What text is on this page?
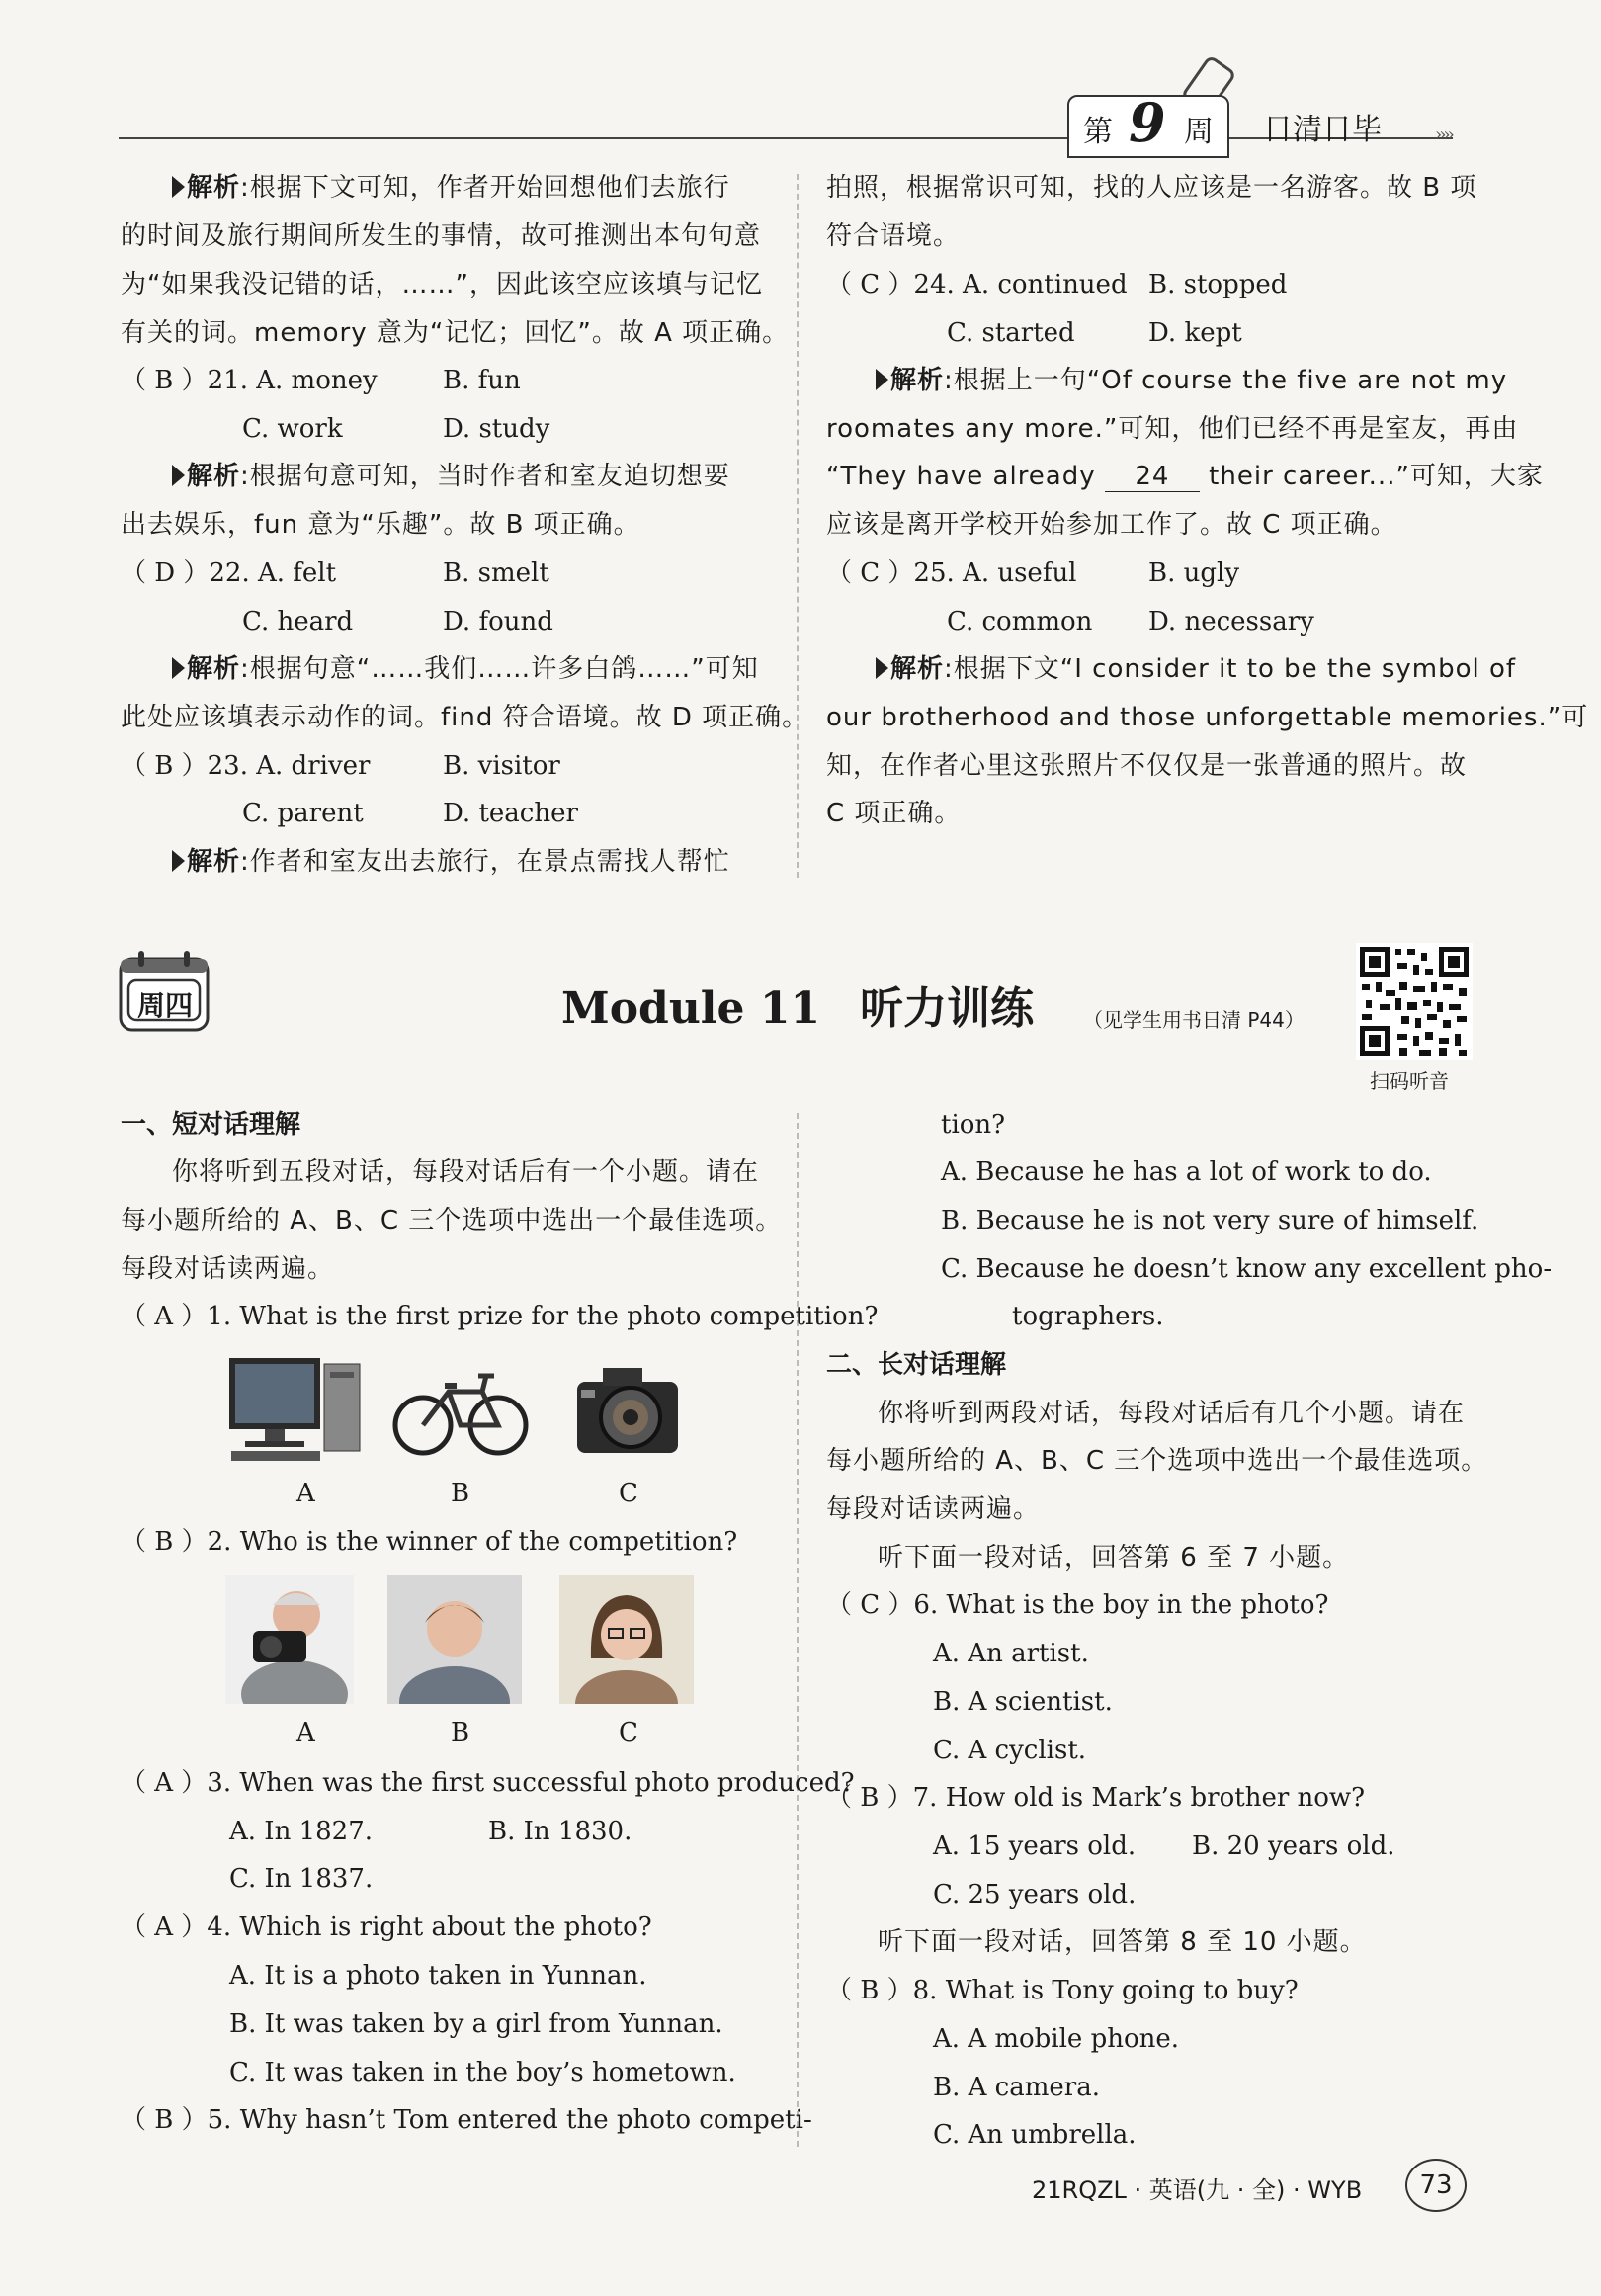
第 9 周 日清日毕	››››
解析:根据下文可知，作者开始回想他们去旅行
的时间及旅行期间所发生的事情，故可推测出本句句意
为“如果我没记错的话，……”，因此该空应该填与记忆
有关的词。memory 意为“记忆；回忆”。故 A 项正确。
（ B ）21. A. money	B. fun
C. work	D. study
解析:根据句意可知，当时作者和室友迫切想要
出去娱乐，fun 意为“乐趣”。故 B 项正确。
（ D ）22. A. felt	B. smelt
C. heard	D. found
解析:根据句意“……我们……许多白鸽……”可知
此处应该填表示动作的词。find 符合语境。故 D 项正确。
（ B ）23. A. driver	B. visitor
C. parent	D. teacher
解析:作者和室友出去旅行，在景点需找人帮忙
拍照，根据常识可知，找的人应该是一名游客。故 B 项
符合语境。
（ C ）24. A. continued B. stopped
C. started	D. kept
解析:根据上一句“Of course the five are not my
roomates any more.”可知，他们已经不再是室友，再由
“They have already 24 their career...”可知，大家
应该是离开学校开始参加工作了。故 C 项正确。
（ C ）25. A. useful	B. ugly
C. common D. necessary
解析:根据下文“I consider it to be the symbol of
our brotherhood and those unforgettable memories.”可
知，在作者心里这张照片不仅仅是一张普通的照片。故
C 项正确。
周四	Module 11 听力训练 （见学生用书日清 P44）
扫码听音
一、短对话理解
你将听到五段对话，每段对话后有一个小题。请在
每小题所给的 A、B、C 三个选项中选出一个最佳选项。
每段对话读两遍。
（ A ）1. What is the first prize for the photo competition?
A	B	C
（ B ）2. Who is the winner of the competition?
A	B	C
（ A ）3. When was the first successful photo produced?
A. In 1827.	B. In 1830.
C. In 1837.
（ A ）4. Which is right about the photo?
A. It is a photo taken in Yunnan.
B. It was taken by a girl from Yunnan.
C. It was taken in the boy’s hometown.
（ B ）5. Why hasn’t Tom entered the photo competi-
tion?
A. Because he has a lot of work to do.
B. Because he is not very sure of himself.
C. Because he doesn’t know any excellent pho-
tographers.
二、长对话理解
你将听到两段对话，每段对话后有几个小题。请在
每小题所给的 A、B、C 三个选项中选出一个最佳选项。
每段对话读两遍。
听下面一段对话，回答第 6 至 7 小题。
（ C ）6. What is the boy in the photo?
A. An artist.
B. A scientist.
C. A cyclist.
（ B ）7. How old is Mark’s brother now?
A. 15 years old. B. 20 years old.
C. 25 years old.
听下面一段对话，回答第 8 至 10 小题。
（ B ）8. What is Tony going to buy?
A. A mobile phone.
B. A camera.
C. An umbrella.
21RQZL · 英语(九 · 全) · WYB	73
